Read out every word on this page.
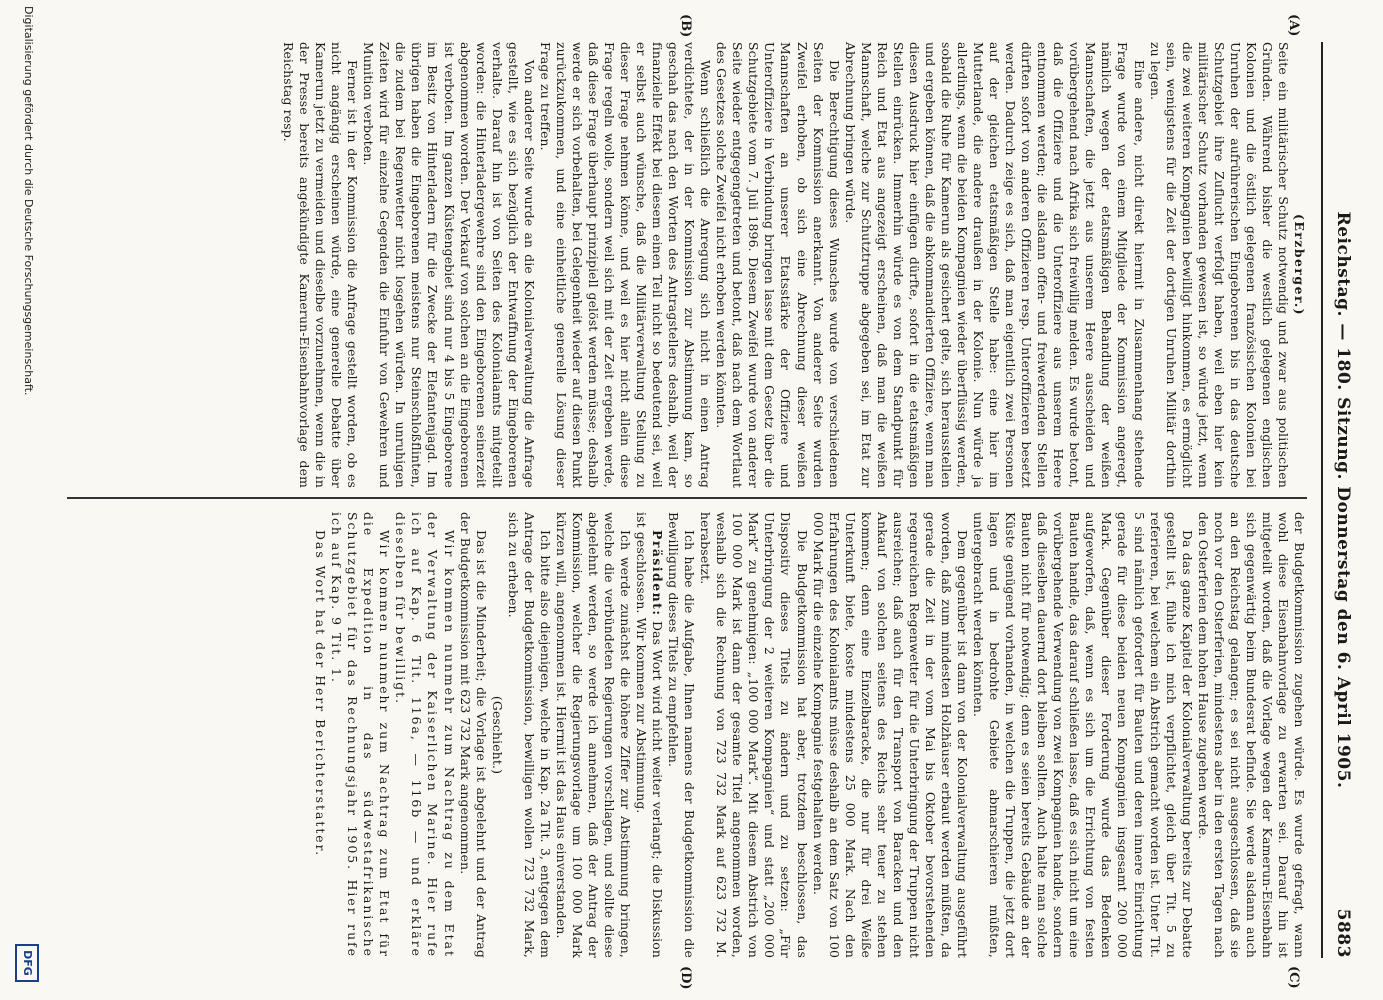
Reichstag. — 180. Sitzung. Donnerstag den 6. April 1905.
5883
(A)
(B)
(C)
(D)

(Erzberger.)

Seite ein militärischer Schutz notwendig und zwar aus politischen Gründen. Während bisher die westlich gelegenen englischen Kolonien und die östlich gelegenen französischen Kolonien bei Unruhen der aufrührerischen Eingeborenen bis in das deutsche Schutzgebiet ihre Zuflucht verfolgt haben, weil eben hier kein militärischer Schutz vorhanden gewesen ist, so würde jetzt, wenn die zwei weiteren Kompagnien bewilligt hinkommen, es ermöglicht sein, wenigstens für die Zeit der dortigen Unruhen Militär dorthin zu legen.

Eine andere, nicht direkt hiermit in Zusammenhang stehende Frage wurde von einem Mitgliede der Kommission angeregt, nämlich wegen der etatsmäßigen Behandlung der weißen Mannschaften, die jetzt aus unserem Heere ausscheiden und vorübergehend nach Afrika sich freiwillig melden. Es wurde betont, daß die Offiziere und die Unteroffiziere aus unserem Heere entnommen werden; die alsdann offen- und freiwerdenden Stellen dürften sofort von anderen Offizieren resp. Unteroffizieren besetzt werden. Dadurch zeige es sich, daß man eigentlich zwei Personen auf der gleichen etatsmäßigen Stelle habe: eine hier im Mutterlande, die andere draußen in der Kolonie. Nun würde ja allerdings, wenn die beiden Kompagnien wieder überflüssig werden, sobald die Ruhe für Kamerun als gesichert gelte, sich herausstellen und ergeben können, daß die abkommandierten Offiziere, wenn man diesen Ausdruck hier einfügen dürfte, sofort in die etatsmäßigen Stellen einrücken. Immerhin würde es von dem Standpunkt für Reich und Etat aus angezeigt erscheinen, daß man die weißen Mannschaft, welche zur Schutztruppe abgegeben sei, im Etat zur Abrechnung bringen würde.

Die Berechtigung dieses Wunsches wurde von verschiedenen Seiten der Kommission anerkannt. Von anderer Seite wurden Zweifel erhoben, ob sich eine Abrechnung dieser weißen Mannschaften an unserer Etatsstärke der Offiziere und Unteroffiziere in Verbindung bringen lasse mit dem Gesetz über die Schutzgebiete vom 7. Juli 1896. Diesem Zweifel wurde von anderer Seite wieder entgegengetreten und betont, daß nach dem Wortlaut des Gesetzes solche Zweifel nicht erhoben werden könnten.

Wenn schließlich die Anregung sich nicht in einen Antrag verdichtete, der in der Kommission zur Abstimmung kam, so geschah das nach den Worten des Antragstellers deshalb, weil der finanzielle Effekt bei diesem einen Teil nicht so bedeutend sei, weil er selbst auch wünsche, daß die Militärverwaltung Stellung zu dieser Frage nehmen könne, und weil es hier nicht allein diese Frage regeln wolle, sondern weil sich mit der Zeit ergeben werde, daß diese Frage überhaupt prinzipiell gelöst werden müsse; deshalb werde er sich vorbehalten, bei Gelegenheit wieder auf diesen Punkt zurückzukommen, und eine einheitliche generelle Lösung dieser Frage zu treffen.

Von anderer Seite wurde an die Kolonialverwaltung die Anfrage gestellt, wie es sich bezüglich der Entwaffnung der Eingeborenen verhalte. Darauf hin ist von Seiten des Kolonialamts mitgeteilt worden: die Hinterladergewehre sind den Eingeborenen seinerzeit abgenommen worden. Der Verkauf von solchen an die Eingeborenen ist verboten. Im ganzen Küstengebiet sind nur 4 bis 5 Eingeborene im Besitz von Hinterladern für die Zwecke der Elefantenjagd. Im übrigen haben die Eingeborenen meistens nur Steinschloßflinten, die zudem bei Regenwetter nicht losgehen würden. In unruhigen Zeiten wird für einzelne Gegenden die Einfuhr von Gewehren und Munition verboten.

Ferner ist in der Kommission die Anfrage gestellt worden, ob es nicht angängig erscheinen würde, eine generelle Debatte über Kamerun jetzt zu vermeiden und dieselbe vorzunehmen, wenn die in der Presse bereits angekündigte Kamerun-Eisenbahnvorlage dem Reichstag resp.

der Budgetkommission zugehen würde. Es wurde gefragt, wann wohl diese Eisenbahnvorlage zu erwarten sei. Darauf hin ist mitgeteilt worden, daß die Vorlage wegen der Kamerun-Eisenbahn sich gegenwärtig beim Bundesrat befinde. Sie werde alsdann auch an den Reichstag gelangen; es sei nicht ausgeschlossen, daß sie noch vor den Osterferien, mindestens aber in den ersten Tagen nach den Osterferien dem hohen Hause zugehen werde.

Da das ganze Kapitel der Kolonialverwaltung bereits zur Debatte gestellt ist, fühle ich mich verpflichtet, gleich über Tit. 5 zu referieren, bei welchem ein Abstrich gemacht worden ist. Unter Tit. 5 sind nämlich gefordert für Bauten und deren innere Einrichtung gerade für diese beiden neuen Kompagnien insgesamt 200 000 Mark. Gegenüber dieser Forderung wurde das Bedenken aufgeworfen, daß, wenn es sich um die Errichtung von festen Bauten handle, das darauf schließen lasse, daß es sich nicht um eine vorübergehende Verwendung von zwei Kompagnien handle, sondern daß dieselben dauernd dort bleiben sollten. Auch halte man solche Bauten nicht für notwendig; denn es seien bereits Gebäude an der Küste genügend vorhanden, in welchen die Truppen, die jetzt dort lagen und in bedrohte Gebiete abmarschieren müßten, untergebracht werden könnten.

Dem gegenüber ist dann von der Kolonialverwaltung ausgeführt worden, daß zum mindesten Holzhäuser erbaut werden müßten, da gerade die Zeit in der vom Mai bis Oktober bevorstehenden regenreichen Regenwetter für die Unterbringung der Truppen nicht ausreichen; daß auch für den Transport von Baracken und den Ankauf von solchen seitens des Reichs sehr teuer zu stehen kommen; denn eine Einzelbaracke, die nur für drei Weiße Unterkunft biete, koste mindestens 25 000 Mark. Nach den Erfahrungen des Kolonialamts müsse deshalb an dem Satz von 100 000 Mark für die einzelne Kompagnie festgehalten werden.

Die Budgetkommission hat aber, trotzdem beschlossen, das Dispositiv dieses Titels zu ändern und zu setzen: „Für Unterbringung der 2 weiteren Kompagnien“ und statt „200 000 Mark“ zu genehmigen: „100 000 Mark“. Mit diesem Abstrich von 100 000 Mark ist dann der gesamte Titel angenommen worden, weshalb sich die Rechnung von 723 732 Mark auf 623 732 M. herabsetzt.

Ich habe die Aufgabe, Ihnen namens der Budgetkommission die Bewilligung dieses Titels zu empfehlen.

Präsident: Das Wort wird nicht weiter verlangt; die Diskussion ist geschlossen. Wir kommen zur Abstimmung.

Ich werde zunächst die höhere Ziffer zur Abstimmung bringen, welche die verbündeten Regierungen vorschlagen, und sollte diese abgelehnt werden, so werde ich annehmen, daß der Antrag der Kommission, welcher die Regierungsvorlage um 100 000 Mark kürzen will, angenommen ist. Hiermit ist das Haus einverstanden.

Ich bitte also diejenigen, welche in Kap. 2a Tit. 3, entgegen dem Antrage der Budgetkommission, bewilligen wollen 723 732 Mark, sich zu erheben.

(Geschieht.)

Das ist die Minderheit; die Vorlage ist abgelehnt und der Antrag der Budgetkommission mit 623 732 Mark angenommen.

Wir kommen nunmehr zum Nachtrag zu dem Etat der Verwaltung der Kaiserlichen Marine. Hier rufe ich auf Kap. 6 Tit. 116a, — 116b — und erkläre dieselben für bewilligt.

Wir kommen nunmehr zum Nachtrag zum Etat für die Expedition in das südwestafrikanische Schutzgebiet für das Rechnungsjahr 1905. Hier rufe ich auf Kap. 9 Tit. 1.

Das Wort hat der Herr Berichterstatter.

Digitalisierung gefördert durch die Deutsche Forschungsgemeinschaft.
DFG
